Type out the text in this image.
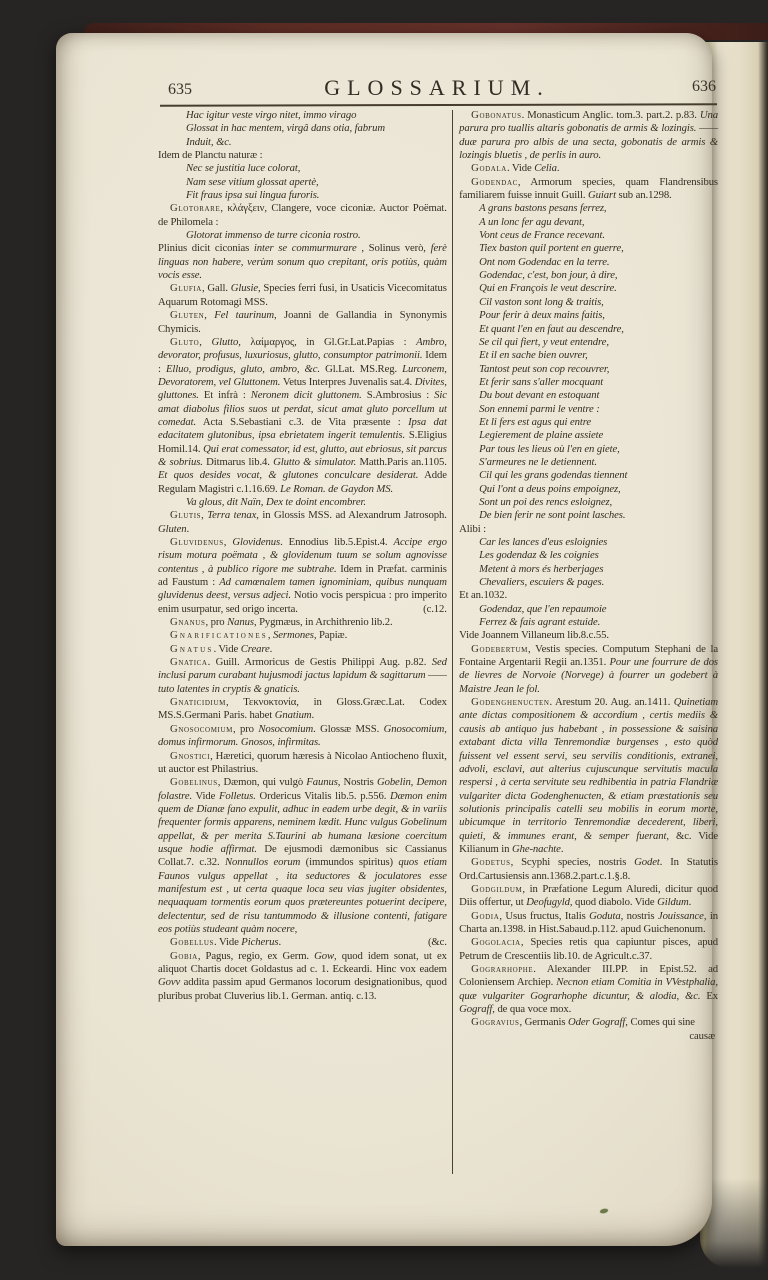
635	GLOSSARIUM.	636
Hac igitur veste virgo nitet, immo virago
Glossat in hac mentem, virgâ dans otia, fabrum
Induit, &c.
Idem de Planctu naturæ :
Nec se justitia luce colorat,
Nam sese vitium glossat apertè,
Fit fraus ipsa sui lingua furoris.
Glotorare, κλάγξειν, Clangere, voce ciconiæ. Auctor Poëmat. de Philomela :
Glotorat immenso de turre ciconia rostro.
Plinius dicit ciconias inter se commurmurare , Solinus verò, ferè linguas non habere, verùm sonum quo crepitant, oris potiùs, quàm vocis esse.
Glufia, Gall. Glusie, Species ferri fusi, in Usaticis Vicecomitatus Aquarum Rotomagi MSS.
Gluten, Fel taurinum, Joanni de Gallandia in Synonymis Chymicis.
Gluto, Glutto, λαίμαργος, in Gl.Gr.Lat.Papias : Ambro, devorator, profusus, luxuriosus, glutto, consumptor patrimonii. Idem : Elluo, prodigus, gluto, ambro, &c. Gl.Lat. MS.Reg. Lurconem, Devoratorem, vel Gluttonem. Vetus Interpres Juvenalis sat.4. Divites, gluttones. Et infrà : Neronem dicit gluttonem. S.Ambrosius : Sic amat diabolus filios suos ut perdat, sicut amat gluto porcellum ut comedat. Acta S.Sebastiani c.3. de Vita præsente : Ipsa dat edacitatem glutonibus, ipsa ebrietatem ingerit temulentis. S.Eligius Homil.14. Qui erat comessator, id est, glutto, aut ebriosus, sit parcus & sobrius. Ditmarus lib.4. Glutto & simulator. Matth.Paris an.1105. Et quos desides vocat, & glutones conculcare desiderat. Adde Regulam Magistri c.1.16.69. Le Roman. de Gaydon MS.
Va glous, dit Naïn, Dex te doint encombrer.
Glutis, Terra tenax, in Glossis MSS. ad Alexandrum Jatrosoph. Gluten.
Gluvidenus, Glovidenus. Ennodius lib.5.Epist.4. Accipe ergo risum motura poëmata , & glovidenum tuum se solum agnovisse contentus , à publico rigore me subtrahe. Idem in Præfat. carminis ad Faustum : Ad camœnalem tamen ignominiam, quibus nunquam gluvidenus deest, versus adjeci. Notio vocis perspicua : pro imperito enim usurpatur, sed origo incerta.	(c.12.
Gnanus, pro Nanus, Pygmæus, in Archithrenio lib.2.
Gnarificationes, Sermones, Papiæ.
Gnatus. Vide Creare.
Gnatica. Guill. Armoricus de Gestis Philippi Aug. p.82. Sed inclusi parum curabant hujusmodi jactus lapidum & sagittarum —— tuto latentes in cryptis & gnaticis.
Gnaticidium, Τεκνοκτονία, in Gloss.Græc.Lat. Codex MS.S.Germani Paris. habet Gnatium.
Gnosocomium, pro Nosocomium. Glossæ MSS. Gnosocomium, domus infirmorum. Gnosos, infirmitas.
Gnostici, Hæretici, quorum hæresis à Nicolao Antiocheno fluxit, ut auctor est Philastrius.
Gobelinus, Dæmon, qui vulgò Faunus, Nostris Gobelin, Demon folastre. Vide Folletus. Ordericus Vitalis lib.5. p.556. Dæmon enim quem de Dianæ fano expulit, adhuc in eadem urbe degit, & in variis frequenter formis apparens, neminem lædit. Hunc vulgus Gobelinum appellat, & per merita S.Taurini ab humana læsione coercitum usque hodie affirmat. De ejusmodi dæmonibus sic Cassianus Collat.7. c.32. Nonnullos eorum (immundos spiritus) quos etiam Faunos vulgus appellat , ita seductores & joculatores esse manifestum est , ut certa quaque loca seu vias jugiter obsidentes, nequaquam tormentis eorum quos prætereuntes potuerint decipere, delectentur, sed de risu tantummodo & illusione contenti, fatigare eos potiùs studeant quàm nocere,
Gobellus. Vide Picherus.	(&c.
Gobia, Pagus, regio, ex Germ. Gow, quod idem sonat, ut ex aliquot Chartis docet Goldastus ad c. 1. Eckeardi. Hinc vox eadem Govv addita passim apud Germanos locorum designationibus, quod pluribus probat Cluverius lib.1. German. antiq. c.13.
Gobonatus. Monasticum Anglic. tom.3. part.2. p.83. Una parura pro tuallis altaris gobonatis de armis & lozingis. —— duæ parura pro albis de una secta, gobonatis de armis & lozingis bluetis , de perlis in auro.
Godala. Vide Celia.
Godendac, Armorum species, quam Flandrensibus familiarem fuisse innuit Guill. Guiart sub an.1298.
A grans bastons pesans ferrez,
A un lonc fer agu devant,
Vont ceus de France recevant.
Tiex baston quil portent en guerre,
Ont nom Godendac en la terre.
Godendac, c'est, bon jour, à dire,
Qui en François le veut descrire.
Cil vaston sont long & traitis,
Pour ferir à deux mains faitis,
Et quant l'en en faut au descendre,
Se cil qui fiert, y veut entendre,
Et il en sache bien ouvrer,
Tantost peut son cop recouvrer,
Et ferir sans s'aller mocquant
Du bout devant en estoquant
Son ennemi parmi le ventre :
Et li fers est agus qui entre
Legierement de plaine assiete
Par tous les lieus où l'en en giete,
S'armeures ne le detiennent.
Cil qui les grans godendas tiennent
Qui l'ont a deus poins empoignez,
Sont un poi des rencs esloignez,
De bien ferir ne sont point lasches.
Alibi :
Car les lances d'eus esloignies
Les godendaz & les coignies
Metent à mors és herberjages
Chevaliers, escuiers & pages.
Et an.1032.
Godendaz, que l'en repaumoie
Ferrez & fais agrant estuide.
Vide Joannem Villaneum lib.8.c.55.
Godebertum, Vestis species. Computum Stephani de la Fontaine Argentarii Regii an.1351. Pour une fourrure de dos de lievres de Norvoie (Norvege) à fourrer un godebert à Maistre Jean le fol.
Godenghenucten. Arestum 20. Aug. an.1411. Quinetiam ante dictas compositionem & accordium , certis mediis & causis ab antiquo jus habebant , in possessione & saisina extabant dicta villa Tenremondiæ burgenses , esto quòd fuissent vel essent servi, seu servilis conditionis, extranei, advoli, esclavi, aut alterius cujuscunque servitutis macula respersi , à certa servitute seu redhibentia in patria Flandriæ vulgariter dicta Godenghenucten, & etiam præstationis seu solutionis principalis catelli seu mobilis in eorum morte, ubicumque in territorio Tenremondiæ decederent, liberi, quieti, & immunes erant, & semper fuerant, &c. Vide Kilianum in Ghe-nachte.
Godetus, Scyphi species, nostris Godet. In Statutis Ord.Cartusiensis ann.1368.2.part.c.1.§.8.
Godgildum, in Præfatione Legum Aluredi, dicitur quod Diis offertur, ut Deofugyld, quod diabolo. Vide Gildum.
Godia, Usus fructus, Italis Goduta, nostris Jouissance, in Charta an.1398. in Hist.Sabaud.p.112. apud Guichenonum.
Gogolacia, Species retis qua capiuntur pisces, apud Petrum de Crescentiis lib.10. de Agricult.c.37.
Gograrhophe. Alexander III.PP. in Epist.52. ad Coloniensem Archiep. Necnon etiam Comitia in VVestphalia, quæ vulgariter Gograrhophe dicuntur, & alodia, &c. Ex Gograff, de qua voce mox.
Gogravius, Germanis Oder Gograff, Comes qui sine
causæ
